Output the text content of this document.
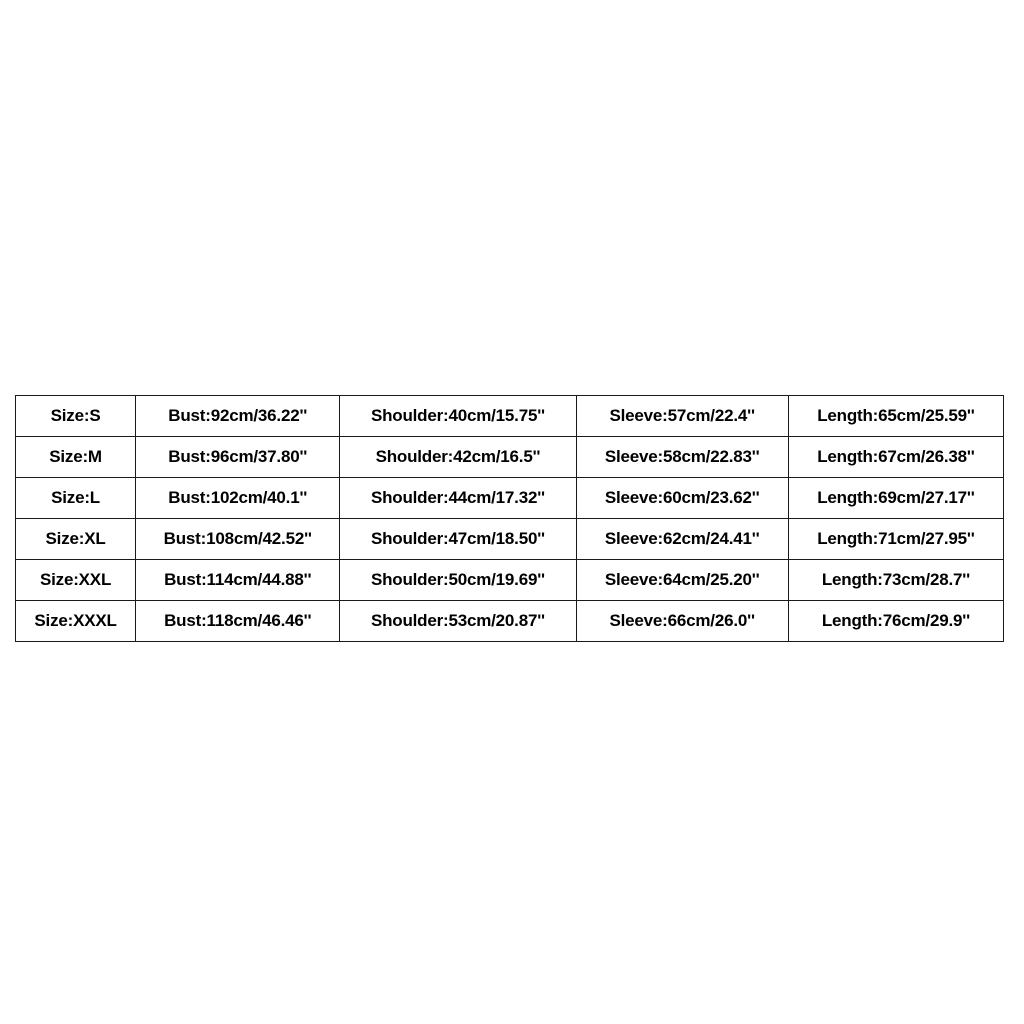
Size:S	Bust:92cm/36.22''	Shoulder:40cm/15.75''	Sleeve:57cm/22.4''	Length:65cm/25.59''
Size:M	Bust:96cm/37.80''	Shoulder:42cm/16.5''	Sleeve:58cm/22.83''	Length:67cm/26.38''
Size:L	Bust:102cm/40.1''	Shoulder:44cm/17.32''	Sleeve:60cm/23.62''	Length:69cm/27.17''
Size:XL	Bust:108cm/42.52''	Shoulder:47cm/18.50''	Sleeve:62cm/24.41''	Length:71cm/27.95''
Size:XXL	Bust:114cm/44.88''	Shoulder:50cm/19.69''	Sleeve:64cm/25.20''	Length:73cm/28.7''
Size:XXXL	Bust:118cm/46.46''	Shoulder:53cm/20.87''	Sleeve:66cm/26.0''	Length:76cm/29.9''
